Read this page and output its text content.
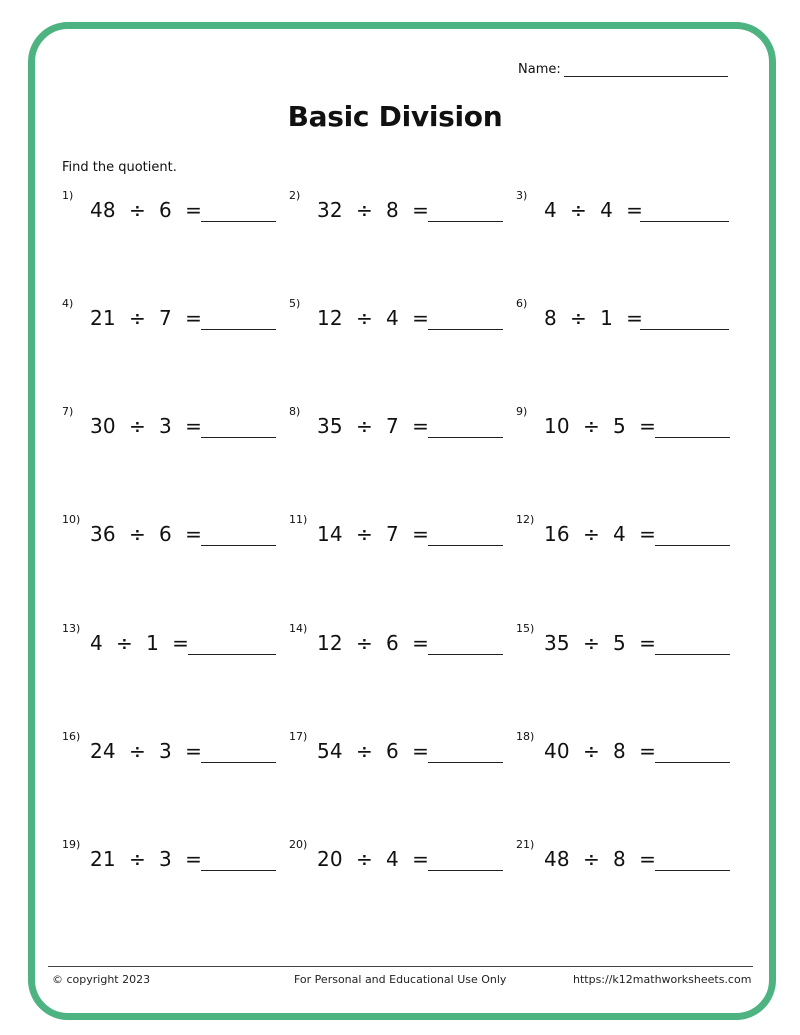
Name:
Basic Division
Find the quotient.
1)
48  ÷  6  =
2)
32  ÷  8  =
3)
4  ÷  4  =
4)
21  ÷  7  =
5)
12  ÷  4  =
6)
8  ÷  1  =
7)
30  ÷  3  =
8)
35  ÷  7  =
9)
10  ÷  5  =
10)
36  ÷  6  =
11)
14  ÷  7  =
12)
16  ÷  4  =
13)
4  ÷  1  =
14)
12  ÷  6  =
15)
35  ÷  5  =
16)
24  ÷  3  =
17)
54  ÷  6  =
18)
40  ÷  8  =
19)
21  ÷  3  =
20)
20  ÷  4  =
21)
48  ÷  8  =
© copyright 2023	For Personal and Educational Use Only	https://k12mathworksheets.com
